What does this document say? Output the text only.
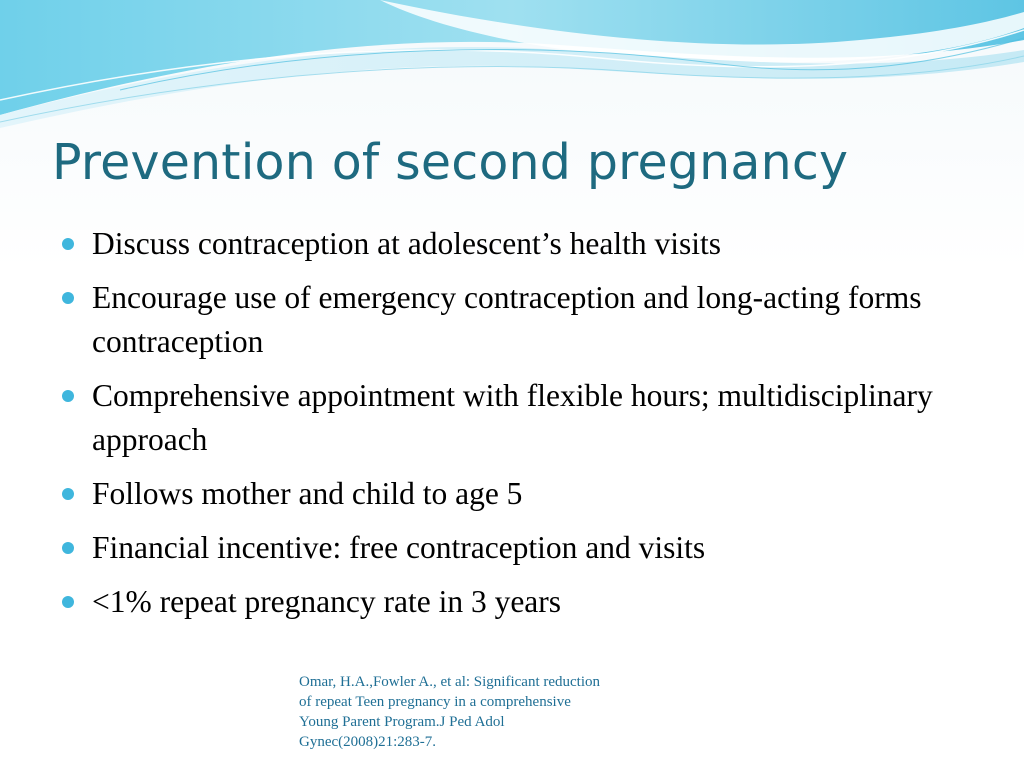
Prevention of second pregnancy
Discuss contraception at adolescent’s health visits
Encourage use of emergency contraception and long-acting forms contraception
Comprehensive appointment with flexible hours; multidisciplinary approach
Follows mother and child to age 5
Financial incentive: free contraception and visits
<1% repeat pregnancy rate in 3 years

Omar, H.A.,Fowler A., et al: Significant reduction
of repeat Teen pregnancy in a comprehensive
Young Parent Program.J Ped Adol
Gynec(2008)21:283-7.
